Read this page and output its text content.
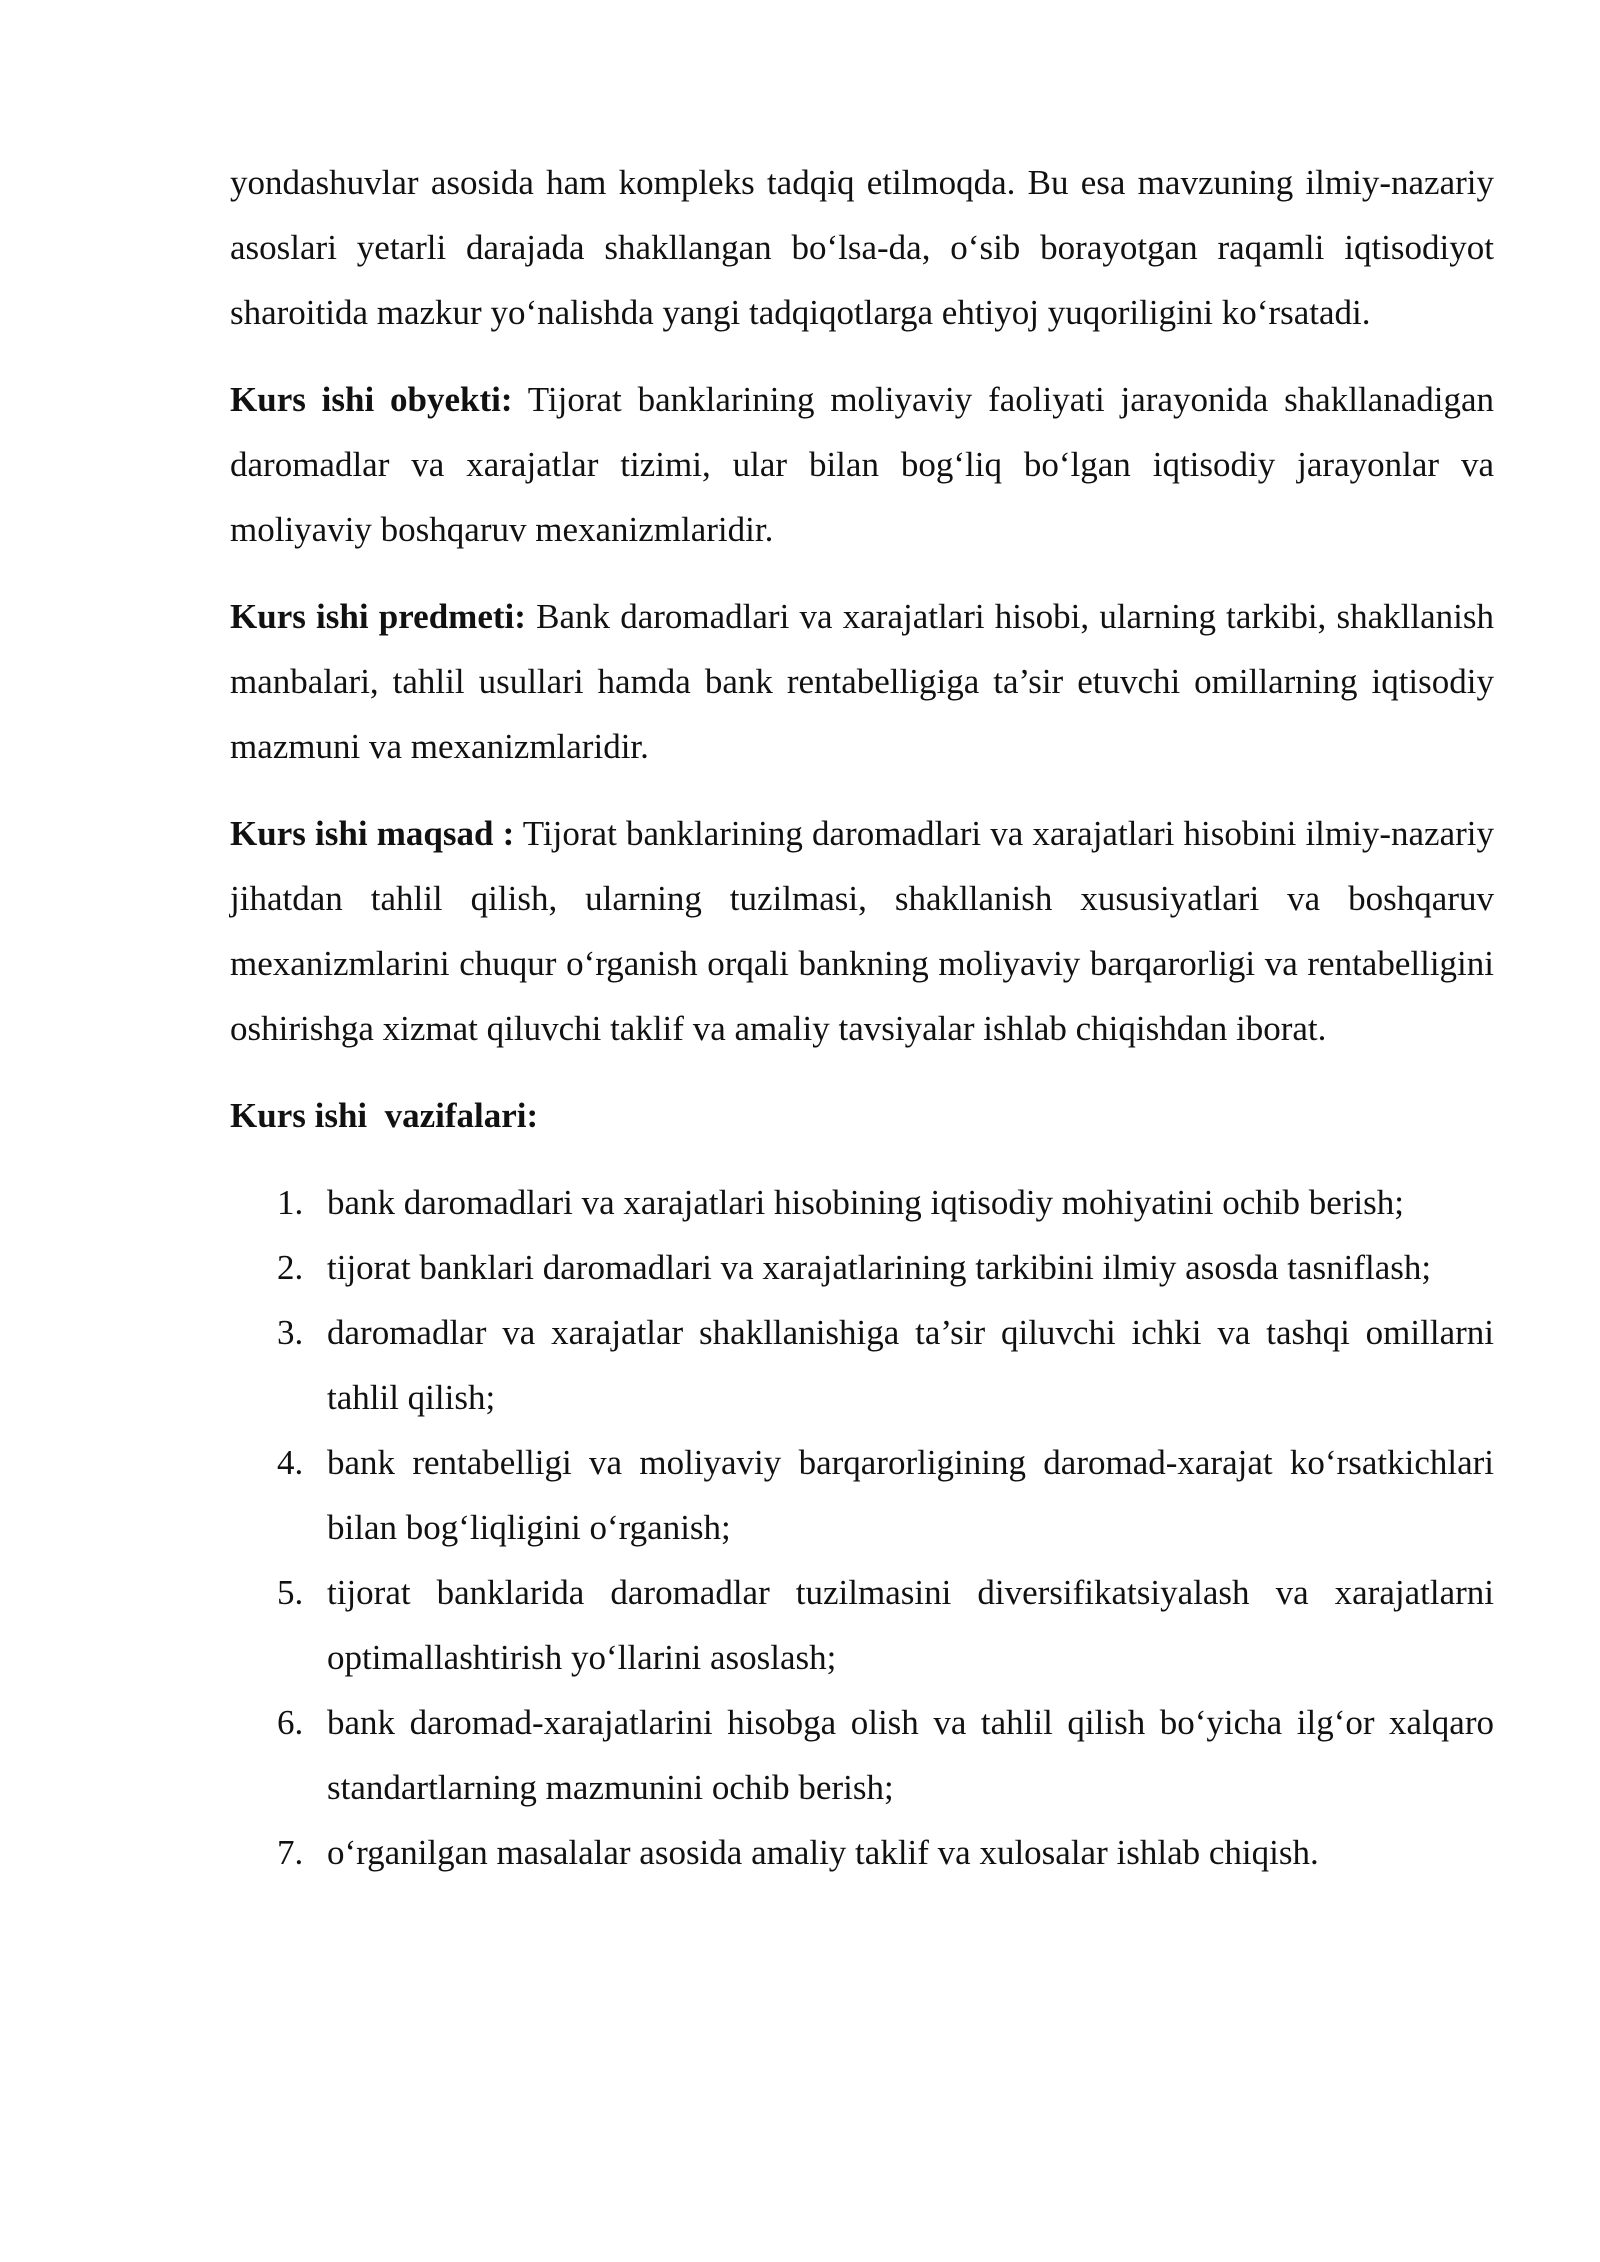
yondashuvlar asosida ham kompleks tadqiq etilmoqda. Bu esa mavzuning ilmiy-nazariy asoslari yetarli darajada shakllangan bo‘lsa-da, o‘sib borayotgan raqamli iqtisodiyot sharoitida mazkur yo‘nalishda yangi tadqiqotlarga ehtiyoj yuqoriligini ko‘rsatadi.

Kurs ishi obyekti: Tijorat banklarining moliyaviy faoliyati jarayonida shakllanadigan daromadlar va xarajatlar tizimi, ular bilan bog‘liq bo‘lgan iqtisodiy jarayonlar va moliyaviy boshqaruv mexanizmlaridir.

Kurs ishi predmeti: Bank daromadlari va xarajatlari hisobi, ularning tarkibi, shakllanish manbalari, tahlil usullari hamda bank rentabelligiga ta’sir etuvchi omillarning iqtisodiy mazmuni va mexanizmlaridir.

Kurs ishi maqsad : Tijorat banklarining daromadlari va xarajatlari hisobini ilmiy-nazariy jihatdan tahlil qilish, ularning tuzilmasi, shakllanish xususiyatlari va boshqaruv mexanizmlarini chuqur o‘rganish orqali bankning moliyaviy barqarorligi va rentabelligini oshirishga xizmat qiluvchi taklif va amaliy tavsiyalar ishlab chiqishdan iborat.

Kurs ishi  vazifalari:
1. bank daromadlari va xarajatlari hisobining iqtisodiy mohiyatini ochib berish;
2. tijorat banklari daromadlari va xarajatlarining tarkibini ilmiy asosda tasniflash;
3. daromadlar va xarajatlar shakllanishiga ta’sir qiluvchi ichki va tashqi omillarni tahlil qilish;
4. bank rentabelligi va moliyaviy barqarorligining daromad-xarajat ko‘rsatkichlari bilan bog‘liqligini o‘rganish;
5. tijorat banklarida daromadlar tuzilmasini diversifikatsiyalash va xarajatlarni optimallashtirish yo‘llarini asoslash;
6. bank daromad-xarajatlarini hisobga olish va tahlil qilish bo‘yicha ilg‘or xalqaro standartlarning mazmunini ochib berish;
7. o‘rganilgan masalalar asosida amaliy taklif va xulosalar ishlab chiqish.
